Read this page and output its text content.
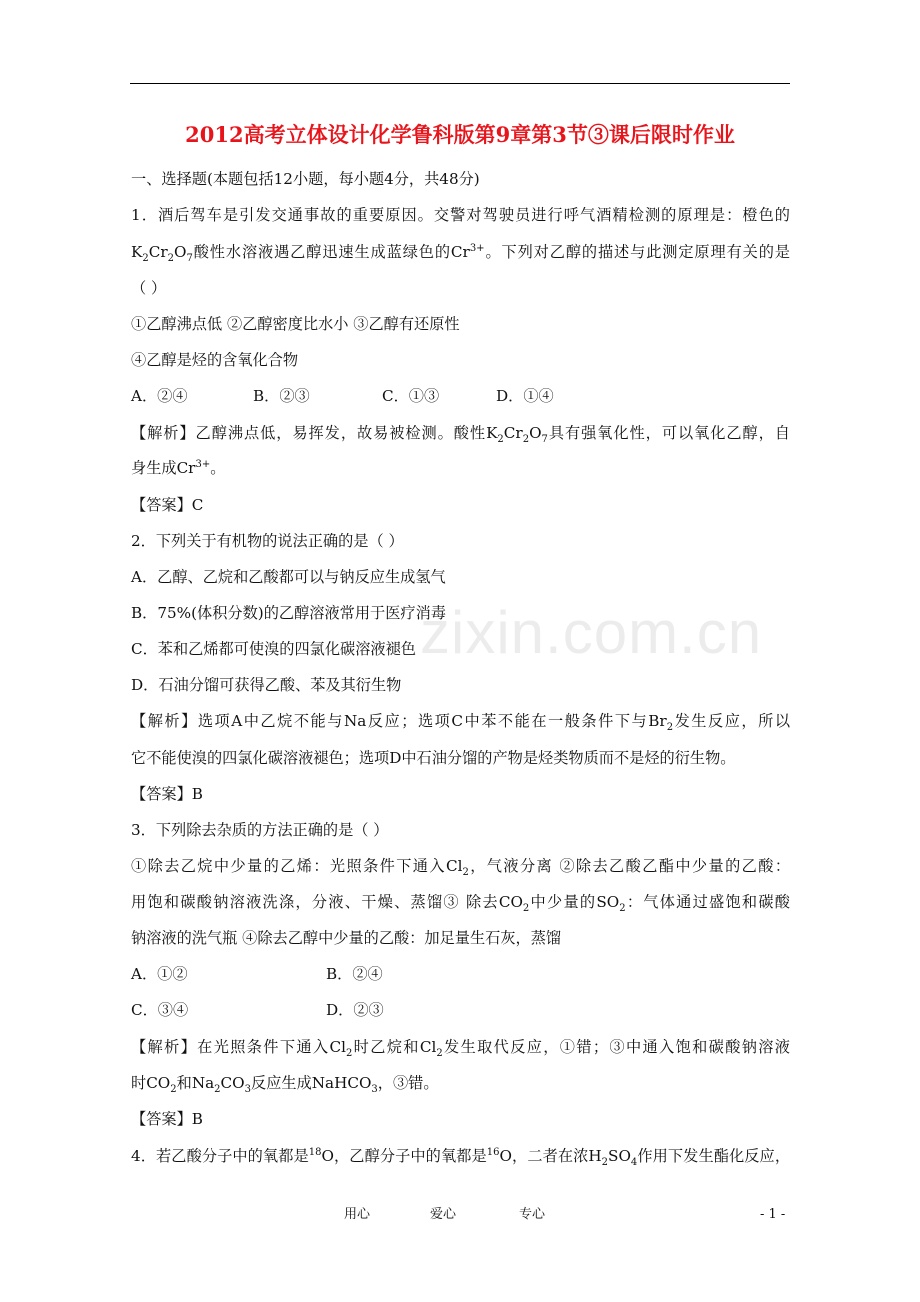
2012高考立体设计化学鲁科版第9章第3节③课后限时作业
一、选择题(本题包括12小题，每小题4分，共48分)
1．酒后驾车是引发交通事故的重要原因。交警对驾驶员进行呼气酒精检测的原理是：橙色的
$K_2Cr_2O_7$酸性水溶液遇乙醇迅速生成蓝绿色的$Cr^{3+}$。下列对乙醇的描述与此测定原理有关的是
（ ）
①乙醇沸点低 ②乙醇密度比水小 ③乙醇有还原性
④乙醇是烃的含氧化合物
A．②④	B．②③	C．①③	D．①④
【解析】乙醇沸点低，易挥发，故易被检测。酸性$K_2Cr_2O_7$具有强氧化性，可以氧化乙醇，自
身生成$Cr^{3+}$。
【答案】C
2．下列关于有机物的说法正确的是（ ）
A．乙醇、乙烷和乙酸都可以与钠反应生成氢气
B．75%(体积分数)的乙醇溶液常用于医疗消毒
C．苯和乙烯都可使溴的四氯化碳溶液褪色
D．石油分馏可获得乙酸、苯及其衍生物
【解析】选项A中乙烷不能与Na反应；选项C中苯不能在一般条件下与$Br_2$发生反应，所以
它不能使溴的四氯化碳溶液褪色；选项D中石油分馏的产物是烃类物质而不是烃的衍生物。
【答案】B
3．下列除去杂质的方法正确的是（ ）
①除去乙烷中少量的乙烯：光照条件下通入$Cl_2$，气液分离 ②除去乙酸乙酯中少量的乙酸：
用饱和碳酸钠溶液洗涤，分液、干燥、蒸馏③ 除去$CO_2$中少量的$SO_2$：气体通过盛饱和碳酸
钠溶液的洗气瓶 ④除去乙醇中少量的乙酸：加足量生石灰，蒸馏
A．①②	B．②④
C．③④	D．②③
【解析】在光照条件下通入$Cl_2$时乙烷和$Cl_2$发生取代反应，①错；③中通入饱和碳酸钠溶液
时$CO_2$和$Na_2CO_3$反应生成NaHCO$_3$，③错。
【答案】B
4．若乙酸分子中的氧都是$^{18}$O，乙醇分子中的氧都是$^{16}$O，二者在浓$H_2SO_4$作用下发生酯化反应，
zixin.com.cn
用心	爱心	专心	- 1 -
